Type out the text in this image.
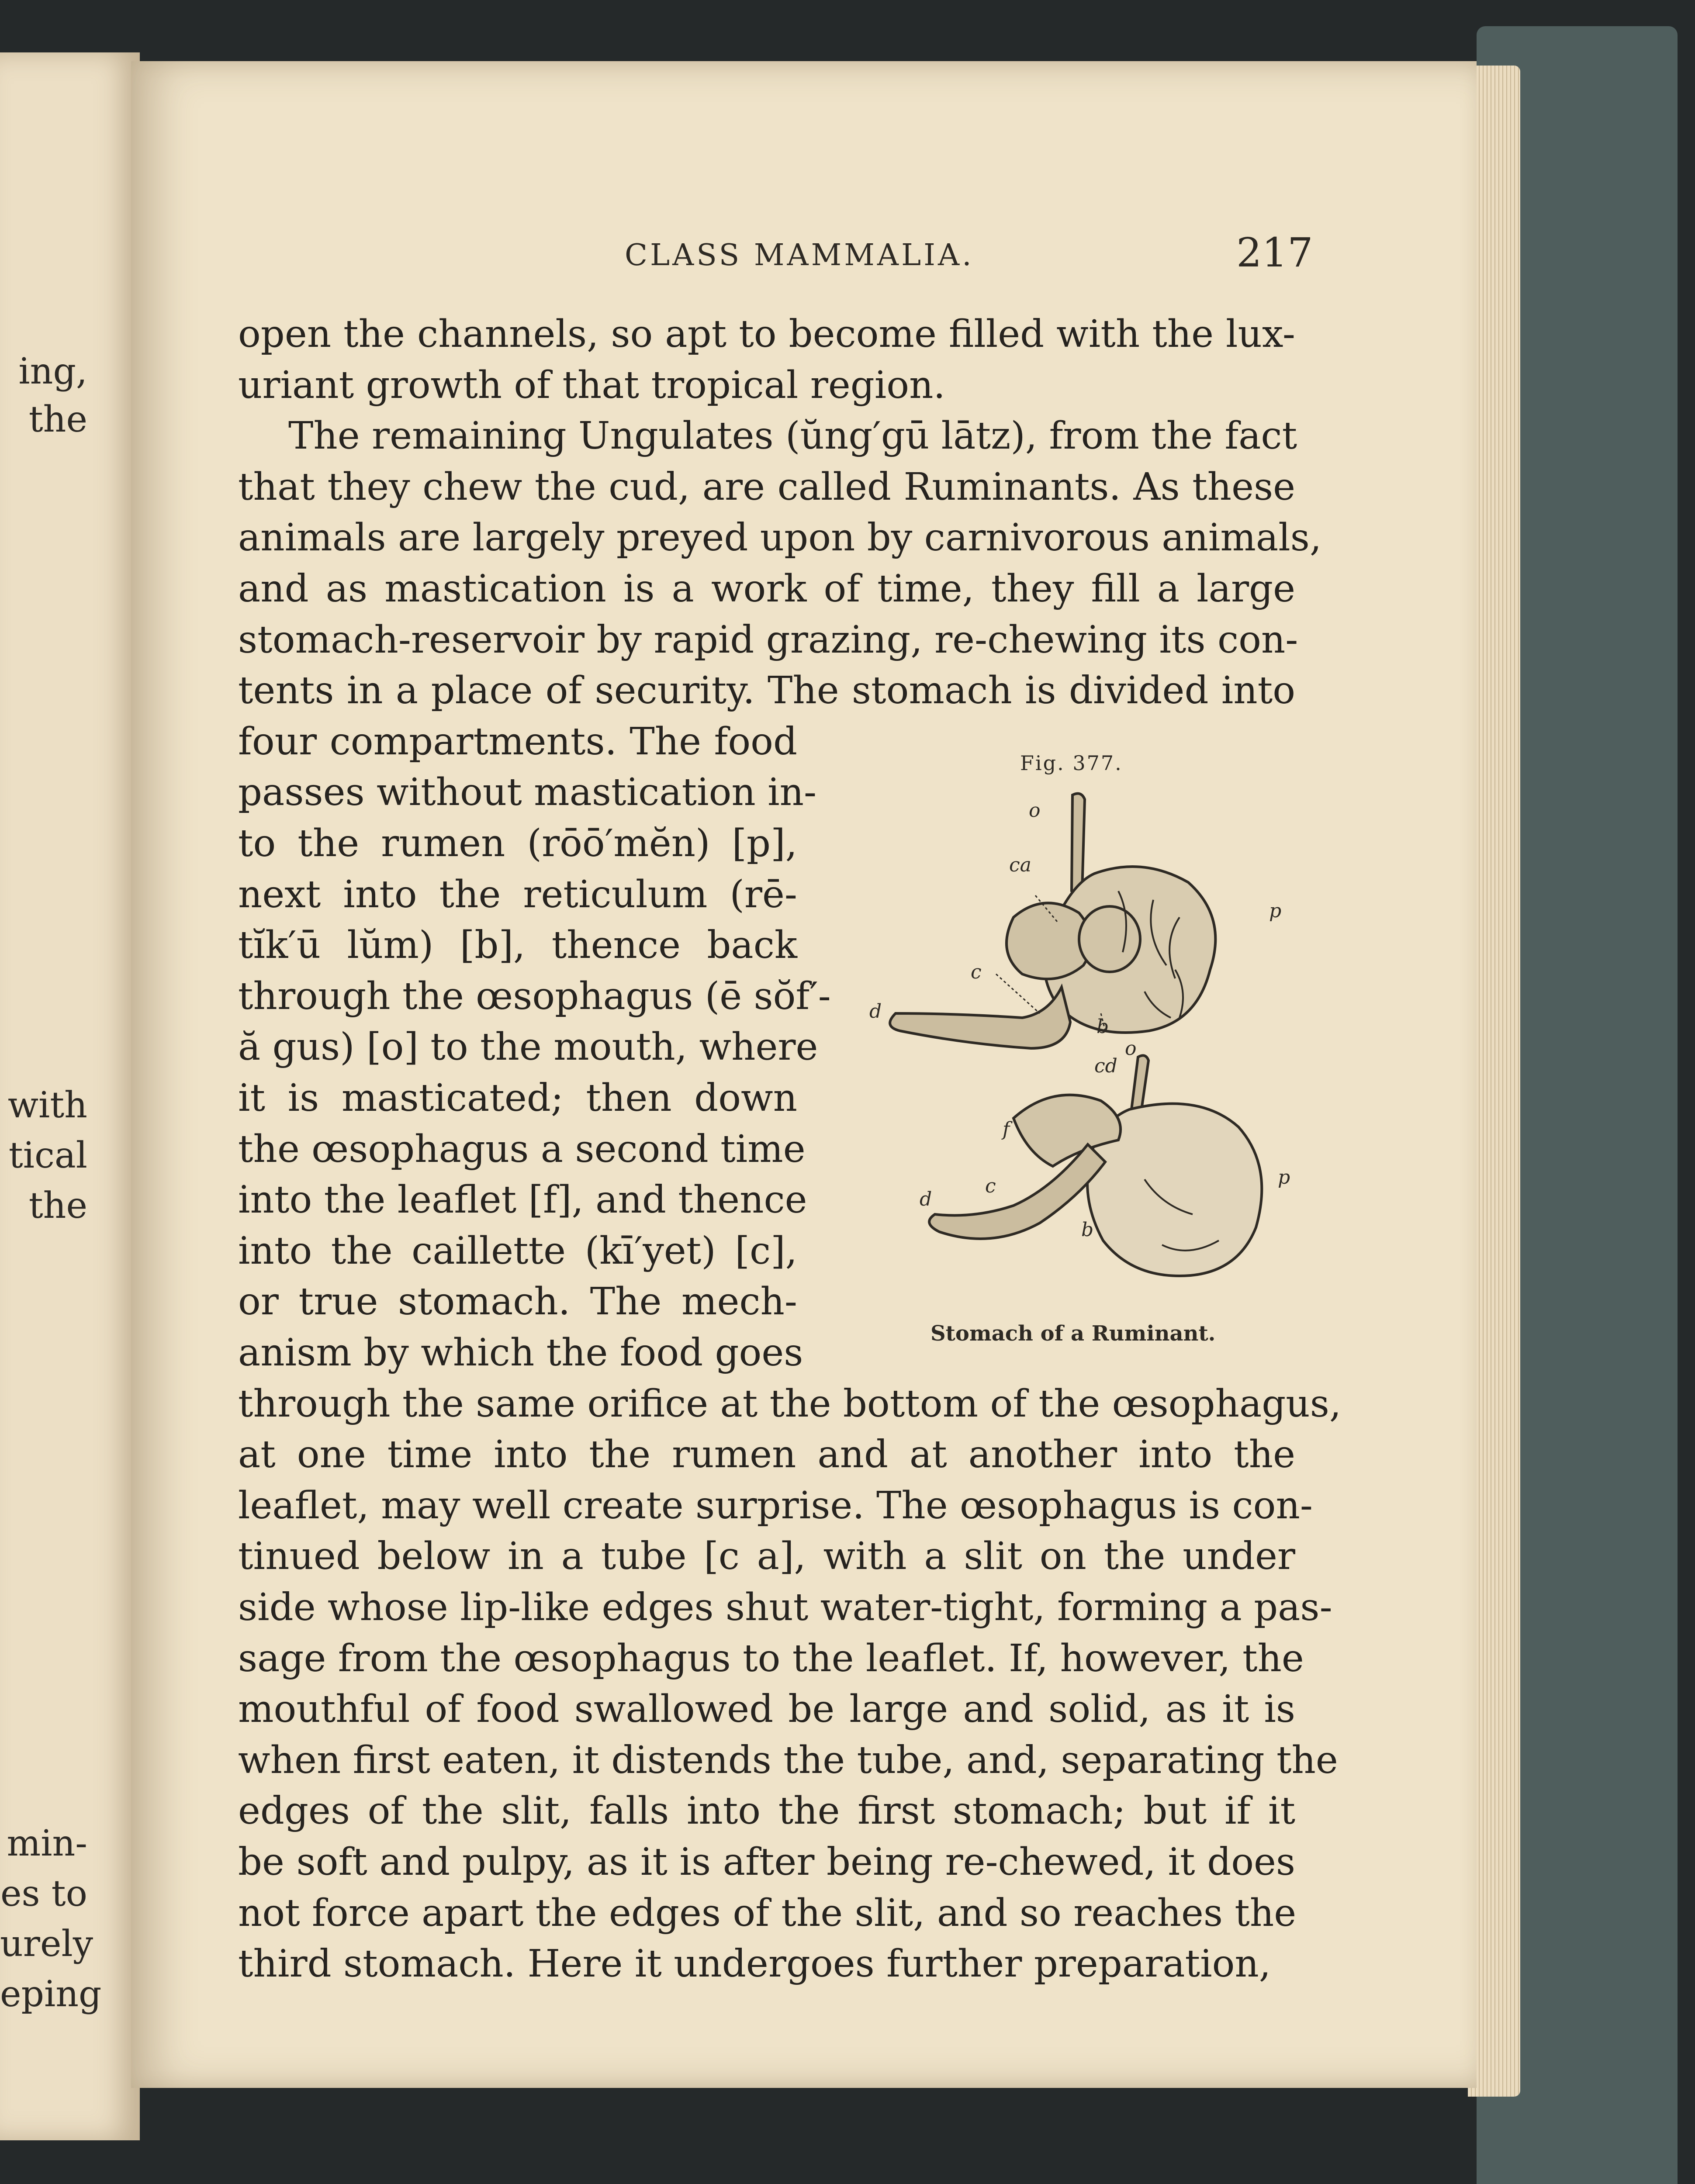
ing,
the
with
tical
the
min-
es to
urely
eping
CLASS MAMMALIA.	217
open the channels, so apt to become filled with the lux-
uriant growth of that tropical region.
The remaining Ungulates (ŭng′gū lātz), from the fact
that they chew the cud, are called Ruminants. As these
animals are largely preyed upon by carnivorous animals,
and as mastication is a work of time, they fill a large
stomach-reservoir by rapid grazing, re-chewing its con-
tents in a place of security. The stomach is divided into
four compartments. The food
passes without mastication in-
to the rumen (rōō′mĕn) [p],
next into the reticulum (rē-
tĭk′ū lŭm) [b], thence back
through the œsophagus (ē sŏf′-
ă gus) [o] to the mouth, where
it is masticated; then down
the œsophagus a second time
into the leaflet [f], and thence
into the caillette (kī′yet) [c],
or true stomach. The mech-
anism by which the food goes
through the same orifice at the bottom of the œsophagus,
at one time into the rumen and at another into the
leaflet, may well create surprise. The œsophagus is con-
tinued below in a tube [c a], with a slit on the under
side whose lip-like edges shut water-tight, forming a pas-
sage from the œsophagus to the leaflet. If, however, the
mouthful of food swallowed be large and solid, as it is
when first eaten, it distends the tube, and, separating the
edges of the slit, falls into the first stomach; but if it
be soft and pulpy, as it is after being re-chewed, it does
not force apart the edges of the slit, and so reaches the
third stomach. Here it undergoes further preparation,
Fig. 377.
o
ca
p
c
d
b
o
cd
f
d
c
b
p
Stomach of a Ruminant.
